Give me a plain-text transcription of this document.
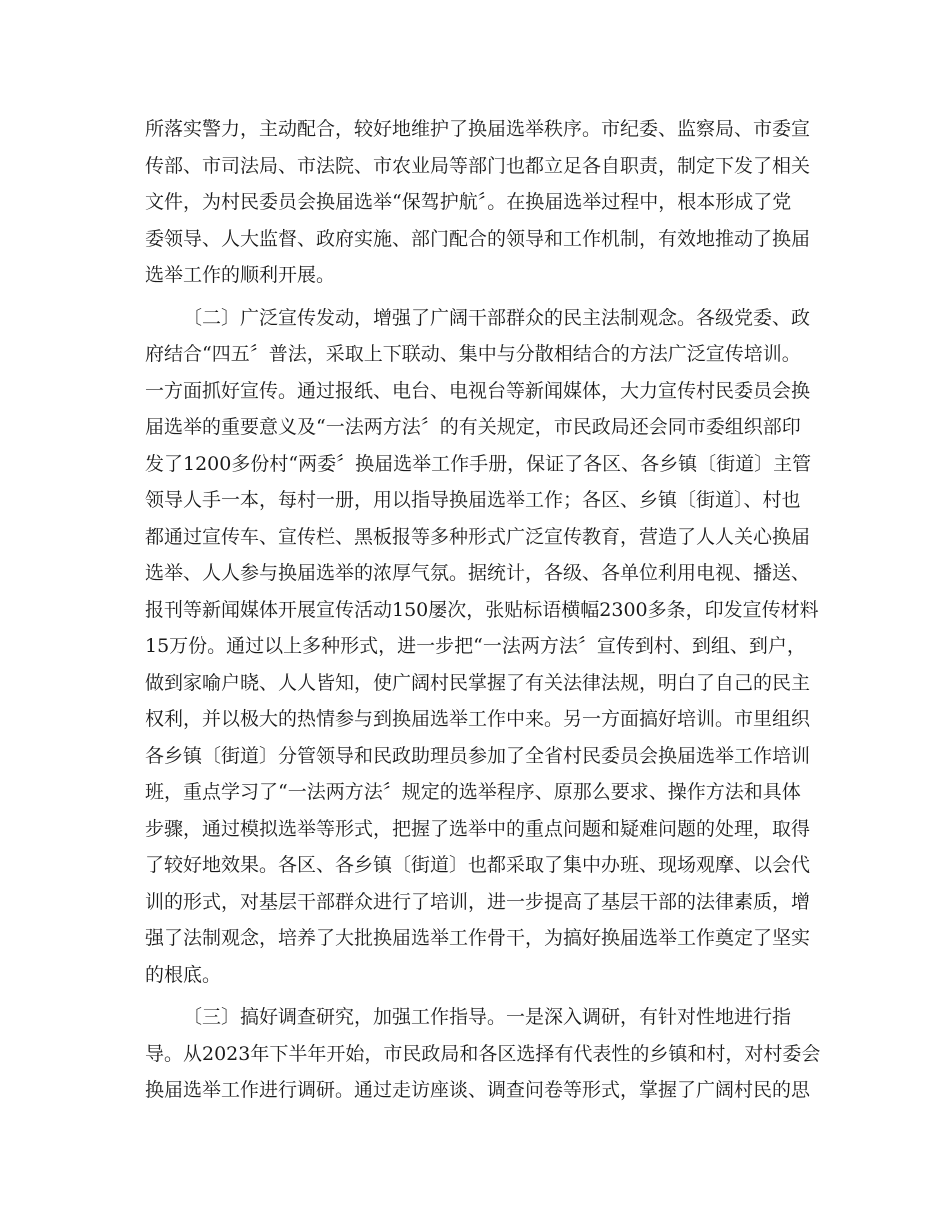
所落实警力，主动配合，较好地维护了换届选举秩序。市纪委、监察局、市委宣
传部、市司法局、市法院、市农业局等部门也都立足各自职责，制定下发了相关
文件，为村民委员会换届选举“保驾护航〞。在换届选举过程中，根本形成了党
委领导、人大监督、政府实施、部门配合的领导和工作机制，有效地推动了换届
选举工作的顺利开展。
〔二〕广泛宣传发动，增强了广阔干部群众的民主法制观念。各级党委、政
府结合“四五〞普法，采取上下联动、集中与分散相结合的方法广泛宣传培训。
一方面抓好宣传。通过报纸、电台、电视台等新闻媒体，大力宣传村民委员会换
届选举的重要意义及“一法两方法〞的有关规定，市民政局还会同市委组织部印
发了1200多份村“两委〞换届选举工作手册，保证了各区、各乡镇〔街道〕主管
领导人手一本，每村一册，用以指导换届选举工作；各区、乡镇〔街道〕、村也
都通过宣传车、宣传栏、黑板报等多种形式广泛宣传教育，营造了人人关心换届
选举、人人参与换届选举的浓厚气氛。据统计，各级、各单位利用电视、播送、
报刊等新闻媒体开展宣传活动150屡次，张贴标语横幅2300多条，印发宣传材料
15万份。通过以上多种形式，进一步把“一法两方法〞宣传到村、到组、到户，
做到家喻户晓、人人皆知，使广阔村民掌握了有关法律法规，明白了自己的民主
权利，并以极大的热情参与到换届选举工作中来。另一方面搞好培训。市里组织
各乡镇〔街道〕分管领导和民政助理员参加了全省村民委员会换届选举工作培训
班，重点学习了“一法两方法〞规定的选举程序、原那么要求、操作方法和具体
步骤，通过模拟选举等形式，把握了选举中的重点问题和疑难问题的处理，取得
了较好地效果。各区、各乡镇〔街道〕也都采取了集中办班、现场观摩、以会代
训的形式，对基层干部群众进行了培训，进一步提高了基层干部的法律素质，增
强了法制观念，培养了大批换届选举工作骨干，为搞好换届选举工作奠定了坚实
的根底。
〔三〕搞好调查研究，加强工作指导。一是深入调研，有针对性地进行指
导。从2023年下半年开始，市民政局和各区选择有代表性的乡镇和村，对村委会
换届选举工作进行调研。通过走访座谈、调查问卷等形式，掌握了广阔村民的思
